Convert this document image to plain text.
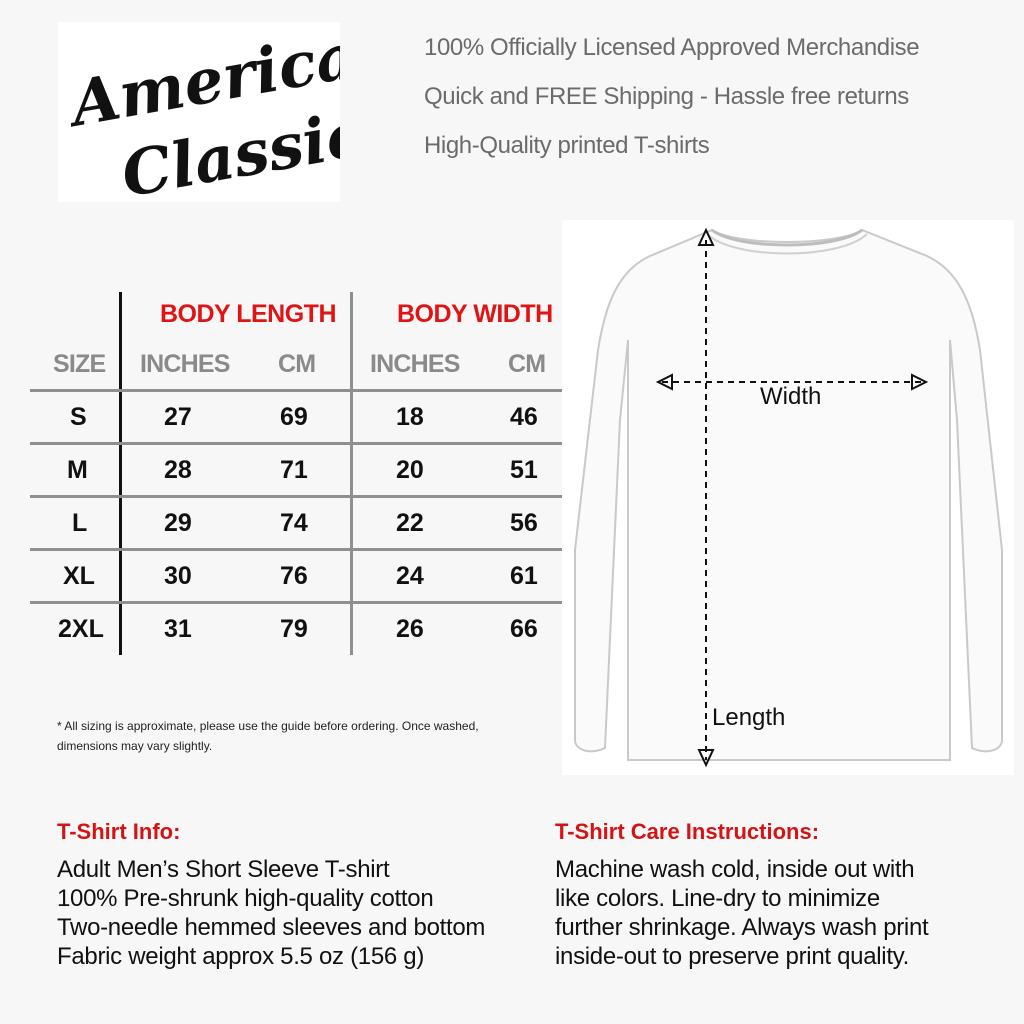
American
Classics
100% Officially Licensed Approved Merchandise
Quick and FREE Shipping - Hassle free returns
High-Quality printed T-shirts
BODY LENGTH BODY WIDTH
SIZE INCHES CM INCHES CM
S	27	69	18	46
M	28	71	20	51
L	29	74	22	56
XL	30	76	24	61
2XL 31	79	26	66
* All sizing is approximate, please use the guide before ordering. Once washed,
dimensions may vary slightly.
Width
Length
T-Shirt Info:
Adult Men’s Short Sleeve T-shirt
100% Pre-shrunk high-quality cotton
Two-needle hemmed sleeves and bottom
Fabric weight approx 5.5 oz (156 g)
T-Shirt Care Instructions:
Machine wash cold, inside out with
like colors. Line-dry to minimize
further shrinkage. Always wash print
inside-out to preserve print quality.
